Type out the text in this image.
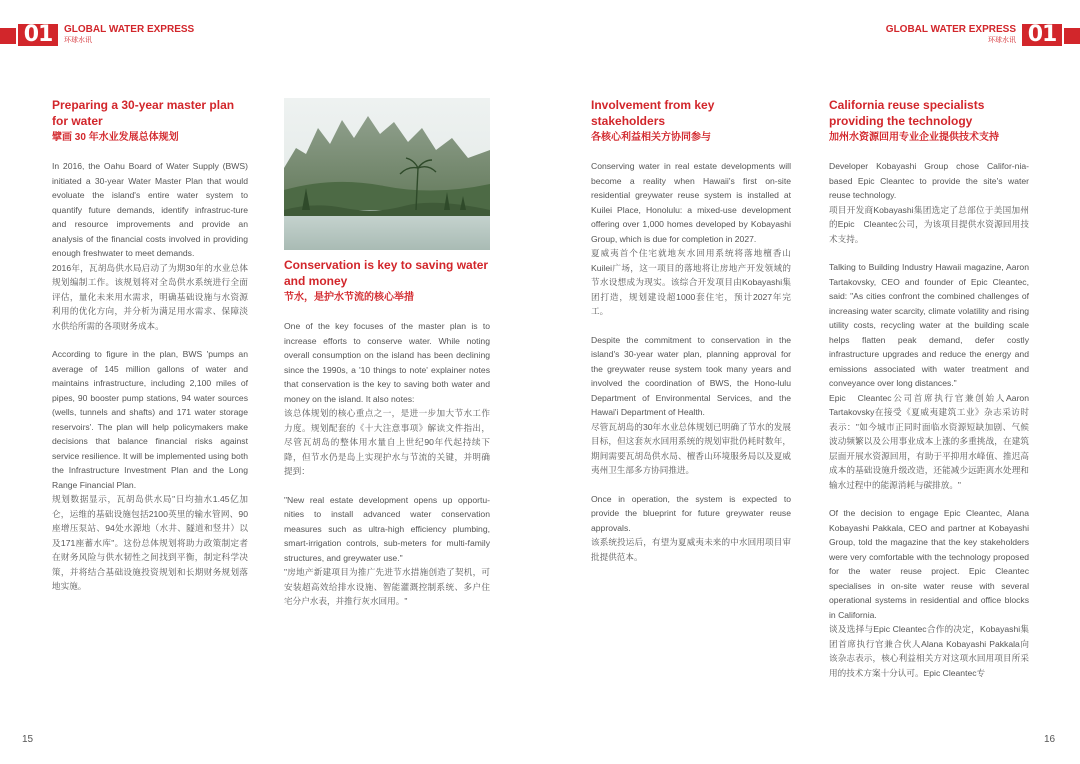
01	GLOBAL WATER EXPRESS
环球水讯
GLOBAL WATER EXPRESS
环球水讯 01
Preparing a 30-year master plan for water
擘画 30 年水业发展总体规划

In 2016, the Oahu Board of Water Supply (BWS) initiated a 30-year Water Master Plan that would evoluate the island's entire water system to quantify future demands, identify infrastruc-ture and resource improvements and provide an analysis of the financial costs involved in providing enough freshwater to meet demands.

2016年，瓦胡岛供水局启动了为期30年的水业总体规划编制工作。该规划将对全岛供水系统进行全面评估，量化未来用水需求，明确基础设施与水资源利用的优化方向，并分析为满足用水需求、保障淡水供给所需的各项财务成本。

According to figure in the plan, BWS 'pumps an average of 145 million gallons of water and maintains infrastructure, including 2,100 miles of pipes, 90 booster pump stations, 94 water sources (wells, tunnels and shafts) and 171 water storage reservoirs'. The plan will help policymakers make decisions that balance financial risks against service resilience. It will be implemented using both the Infrastructure Investment Plan and the Long Range Financial Plan.

规划数据显示，瓦胡岛供水局"日均抽水1.45亿加仑，运维的基础设施包括2100英里的输水管网、90座增压泵站、94处水源地（水井、隧道和竖井）以及171座蓄水库"。这份总体规划将助力政策制定者在财务风险与供水韧性之间找到平衡，制定科学决策，并将结合基础设施投资规划和长期财务规划落地实施。

Conservation is key to saving water and money
节水，是护水节流的核心举措

One of the key focuses of the master plan is to increase efforts to conserve water. While noting overall consumption on the island has been declining since the 1990s, a '10 things to note' explainer notes that conservation is the key to saving both water and money on the island. It also notes:

该总体规划的核心重点之一，是进一步加大节水工作力度。规划配套的《十大注意事项》解读文件指出，尽管瓦胡岛的整体用水量自上世纪90年代起持续下降，但节水仍是岛上实现护水与节流的关键，并明确提到：

"New real estate development opens up opportu-nities to install advanced water conservation measures such as ultra-high efficiency plumbing, smart-irrigation controls, sub-meters for multi-family structures, and greywater use."

"房地产新建项目为推广先进节水措施创造了契机，可安装超高效给排水设施、智能灌溉控制系统、多户住宅分户水表，并推行灰水回用。"

Involvement from key stakeholders
各核心利益相关方协同参与

Conserving water in real estate developments will become a reality when Hawaii's first on-site residential greywater reuse system is installed at Kuilei Place, Honolulu: a mixed-use development offering over 1,000 homes developed by Kobayashi Group, which is due for completion in 2027.

夏威夷首个住宅就地灰水回用系统将落地檀香山Kuilei广场，这一项目的落地将让房地产开发领域的节水设想成为现实。该综合开发项目由Kobayashi集团打造，规划建设超1000套住宅，预计2027年完工。

Despite the commitment to conservation in the island's 30-year water plan, planning approval for the greywater reuse system took many years and involved the coordination of BWS, the Hono-lulu Department of Environmental Services, and the Hawai'i Department of Health.

尽管瓦胡岛的30年水业总体规划已明确了节水的发展目标，但这套灰水回用系统的规划审批仍耗时数年，期间需要瓦胡岛供水局、檀香山环境服务局以及夏威夷州卫生部多方协同推进。

Once in operation, the system is expected to provide the blueprint for future greywater reuse approvals.

该系统投运后，有望为夏威夷未来的中水回用项目审批提供范本。

California reuse specialists providing the technology
加州水资源回用专业企业提供技术支持

Developer Kobayashi Group chose Califor-nia-based Epic Cleantec to provide the site's water reuse technology.

项目开发商Kobayashi集团选定了总部位于美国加州的Epic　Cleantec公司，为该项目提供水资源回用技术支持。

Talking to Building Industry Hawaii magazine, Aaron Tartakovsky, CEO and founder of Epic Cleantec, said: "As cities confront the combined challenges of increasing water scarcity, climate volatility and rising utility costs, recycling water at the building scale helps flatten peak demand, defer costly infrastructure upgrades and reduce the energy and emissions associated with water treatment and conveyance over long distances."

Epic　Cleantec公司首席执行官兼创始人Aaron Tartakovsky在接受《夏威夷建筑工业》杂志采访时表示："如今城市正同时面临水资源短缺加剧、气候波动频繁以及公用事业成本上涨的多重挑战，在建筑层面开展水资源回用，有助于平抑用水峰值、推迟高成本的基础设施升级改造，还能减少远距离水处理和输水过程中的能源消耗与碳排放。"

Of the decision to engage Epic Cleantec, Alana Kobayashi Pakkala, CEO and partner at Kobayashi Group, told the magazine that the key stakeholders were very comfortable with the technology proposed for the water reuse project. Epic Cleantec specialises in on-site water reuse with several operational systems in residential and office blocks in California.

谈及选择与Epic Cleantec合作的决定，Kobayashi集团首席执行官兼合伙人Alana Kobayashi Pakkala向该杂志表示，核心利益相关方对这项水回用项目所采用的技术方案十分认可。Epic Cleantec专

15	16
